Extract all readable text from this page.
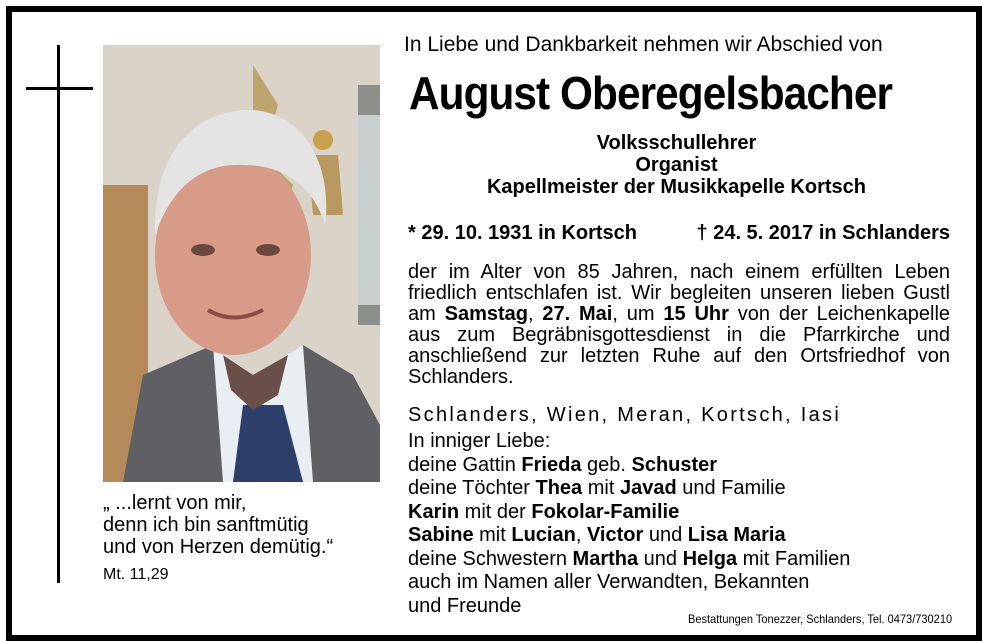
„ ...lernt von mir,
denn ich bin sanftmütig
und von Herzen demütig.“
Mt. 11,29
In Liebe und Dankbarkeit nehmen wir Abschied von
August Oberegelsbacher
Volksschullehrer
Organist
Kapellmeister der Musikkapelle Kortsch
* 29. 10. 1931 in Kortsch	† 24. 5. 2017 in Schlanders
der im Alter von 85 Jahren, nach einem erfüllten Leben friedlich entschlafen ist. Wir begleiten unseren lieben Gustl am Samstag, 27. Mai, um 15 Uhr von der Leichenkapelle aus zum Begräbnisgottesdienst in die Pfarrkirche und anschließend zur letzten Ruhe auf den Ortsfriedhof von Schlanders.
Schlanders, Wien, Meran, Kortsch, Iasi
In inniger Liebe:
deine Gattin Frieda geb. Schuster
deine Töchter Thea mit Javad und Familie
Karin mit der Fokolar-Familie
Sabine mit Lucian, Victor und Lisa Maria
deine Schwestern Martha und Helga mit Familien
auch im Namen aller Verwandten, Bekannten
und Freunde
Bestattungen Tonezzer, Schlanders, Tel. 0473/730210
